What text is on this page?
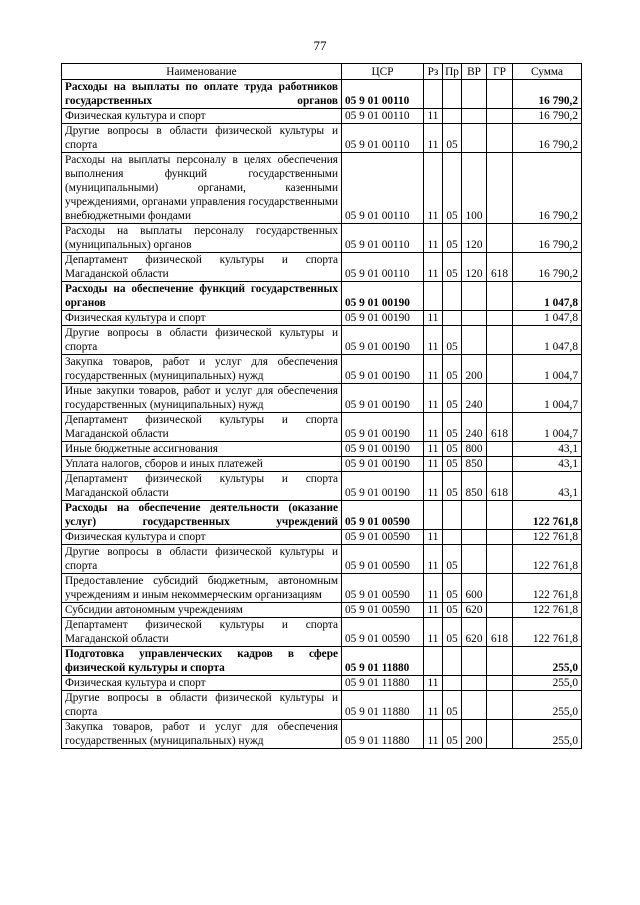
77
Наименование	ЦСР	Рз	Пр	ВР	ГР	Сумма
Расходы на выплаты по оплате труда работников государственных органов	05 9 01 00110					16 790,2
Физическая культура и спорт	05 9 01 00110	11				16 790,2
Другие вопросы в области физической культуры и спорта	05 9 01 00110	11	05			16 790,2
Расходы на выплаты персоналу в целях обеспечения выполнения функций государственными (муниципальными) органами, казенными учреждениями, органами управления государственными внебюджетными фондами	05 9 01 00110	11	05	100		16 790,2
Расходы на выплаты персоналу государственных (муниципальных) органов	05 9 01 00110	11	05	120		16 790,2
Департамент физической культуры и спорта Магаданской области	05 9 01 00110	11	05	120	618	16 790,2
Расходы на обеспечение функций государственных органов	05 9 01 00190					1 047,8
Физическая культура и спорт	05 9 01 00190	11				1 047,8
Другие вопросы в области физической культуры и спорта	05 9 01 00190	11	05			1 047,8
Закупка товаров, работ и услуг для обеспечения государственных (муниципальных) нужд	05 9 01 00190	11	05	200		1 004,7
Иные закупки товаров, работ и услуг для обеспечения государственных (муниципальных) нужд	05 9 01 00190	11	05	240		1 004,7
Департамент физической культуры и спорта Магаданской области	05 9 01 00190	11	05	240	618	1 004,7
Иные бюджетные ассигнования	05 9 01 00190	11	05	800		43,1
Уплата налогов, сборов и иных платежей	05 9 01 00190	11	05	850		43,1
Департамент физической культуры и спорта Магаданской области	05 9 01 00190	11	05	850	618	43,1
Расходы на обеспечение деятельности (оказание услуг) государственных учреждений	05 9 01 00590					122 761,8
Физическая культура и спорт	05 9 01 00590	11				122 761,8
Другие вопросы в области физической культуры и спорта	05 9 01 00590	11	05			122 761,8
Предоставление субсидий бюджетным, автономным учреждениям и иным некоммерческим организациям	05 9 01 00590	11	05	600		122 761,8
Субсидии автономным учреждениям	05 9 01 00590	11	05	620		122 761,8
Департамент физической культуры и спорта Магаданской области	05 9 01 00590	11	05	620	618	122 761,8
Подготовка управленческих кадров в сфере физической культуры и спорта	05 9 01 11880					255,0
Физическая культура и спорт	05 9 01 11880	11				255,0
Другие вопросы в области физической культуры и спорта	05 9 01 11880	11	05			255,0
Закупка товаров, работ и услуг для обеспечения государственных (муниципальных) нужд	05 9 01 11880	11	05	200		255,0
